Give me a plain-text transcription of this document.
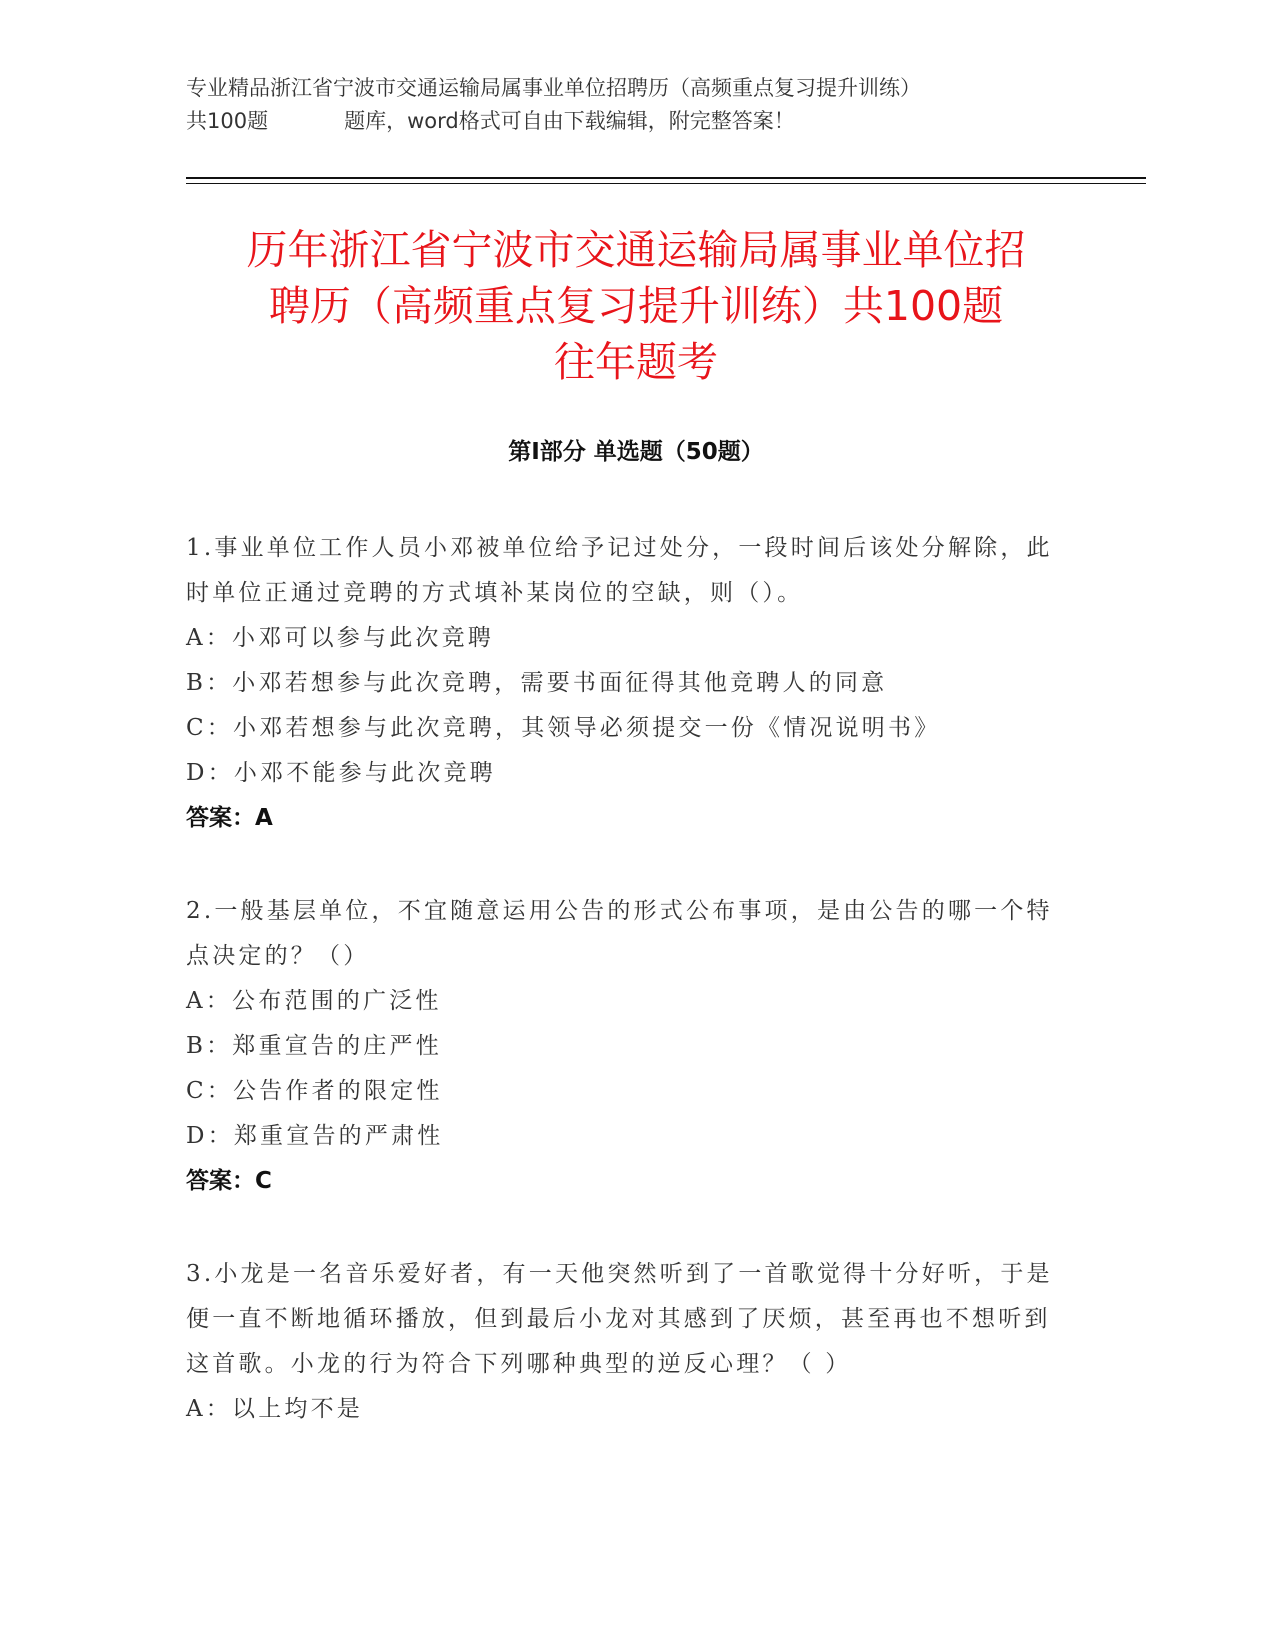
专业精品浙江省宁波市交通运输局属事业单位招聘历（高频重点复习提升训练）
共100题	题库，word格式可自由下载编辑，附完整答案！
历年浙江省宁波市交通运输局属事业单位招
聘历（高频重点复习提升训练）共100题
往年题考
第I部分 单选题（50题）

1.事业单位工作人员小邓被单位给予记过处分，一段时间后该处分解除，此时单位正通过竞聘的方式填补某岗位的空缺，则（）。

A：小邓可以参与此次竞聘

B：小邓若想参与此次竞聘，需要书面征得其他竞聘人的同意

C：小邓若想参与此次竞聘，其领导必须提交一份《情况说明书》

D：小邓不能参与此次竞聘

答案：A

2.一般基层单位，不宜随意运用公告的形式公布事项，是由公告的哪一个特点决定的？（）

A：公布范围的广泛性

B：郑重宣告的庄严性

C：公告作者的限定性

D：郑重宣告的严肃性

答案：C

3.小龙是一名音乐爱好者，有一天他突然听到了一首歌觉得十分好听，于是便一直不断地循环播放，但到最后小龙对其感到了厌烦，甚至再也不想听到这首歌。小龙的行为符合下列哪种典型的逆反心理？（ ）

A：以上均不是
